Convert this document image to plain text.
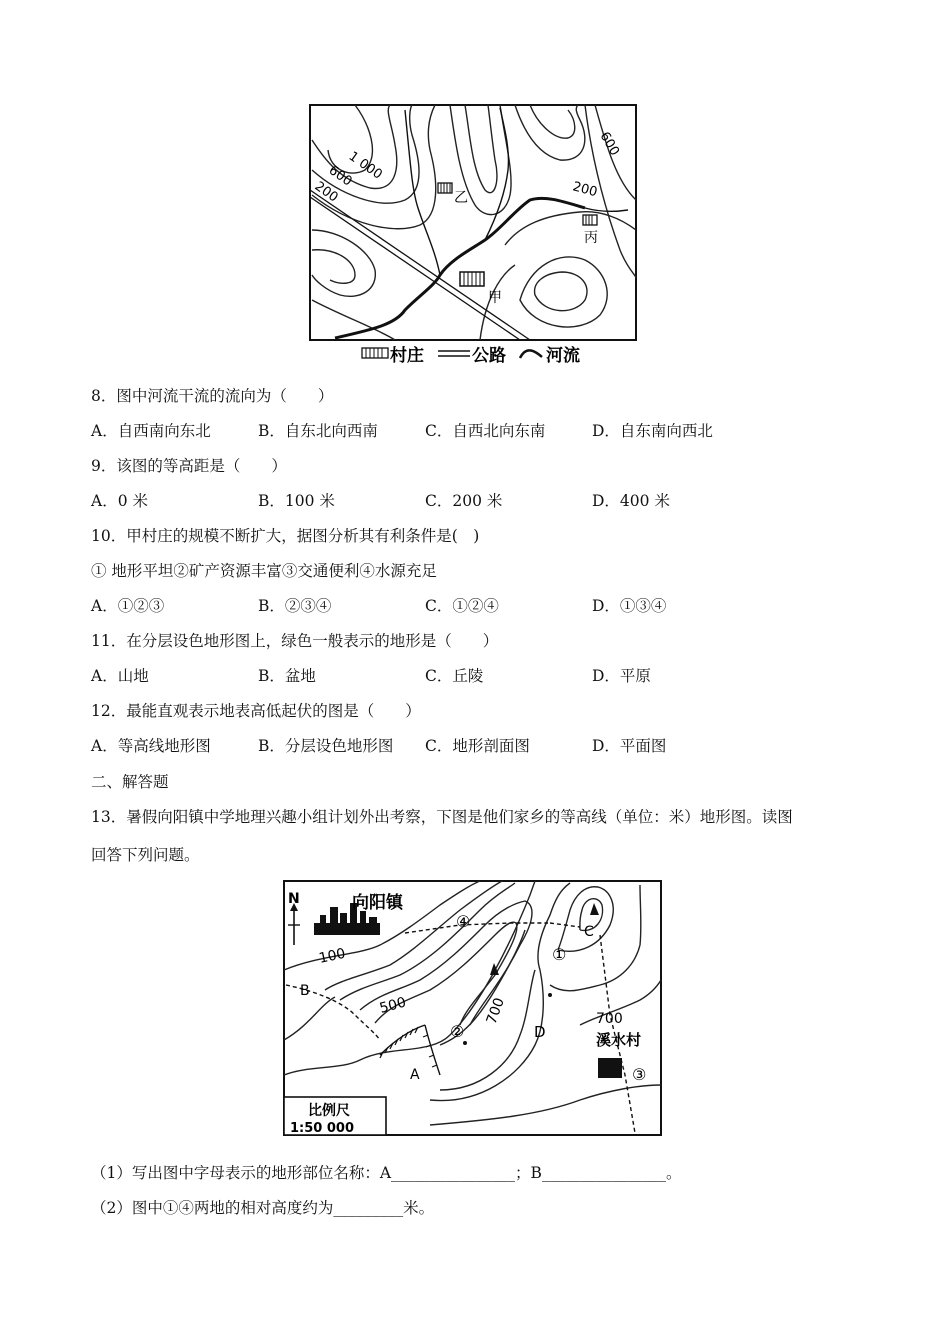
1 000
600
200
600
200
乙
丙
甲
村庄	公路 河流
8．图中河流干流的流向为（　　）
A．自西南向东北	B．自东北向西南	C．自西北向东南	D．自东南向西北
9．该图的等高距是（　　）
A．0 米	B．100 米	C．200 米	D．400 米
10．甲村庄的规模不断扩大，据图分析其有利条件是(　)
① 地形平坦②矿产资源丰富③交通便利④水源充足
A．①②③	B．②③④	C．①②④	D．①③④
11．在分层设色地形图上，绿色一般表示的地形是（　　）
A．山地	B．盆地	C．丘陵	D．平原
12．最能直观表示地表高低起伏的图是（　　）
A．等高线地形图	B．分层设色地形图 C．地形剖面图	D．平面图
二、解答题
13．暑假向阳镇中学地理兴趣小组计划外出考察，下图是他们家乡的等高线（单位：米）地形图。读图
回答下列问题。
N	向阳镇
100
500	700	700
A
B
C
D
①
②
③
④
溪水村
比例尺
1:50 000
（1）写出图中字母表示的地形部位名称：A________________；B________________。
（2）图中①④两地的相对高度约为_________米。
